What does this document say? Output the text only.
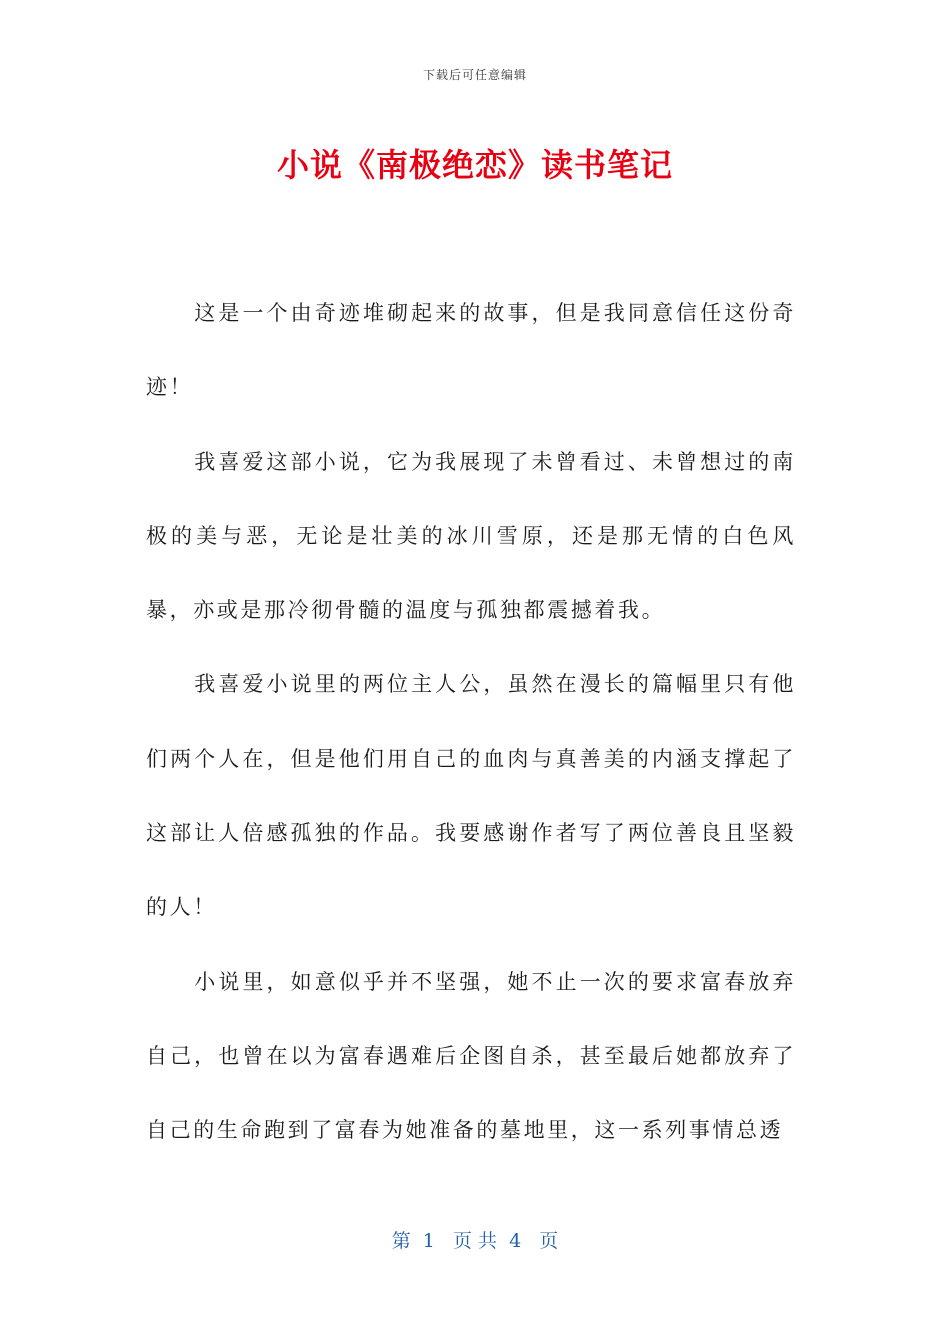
下载后可任意编辑
小说《南极绝恋》读书笔记

这是一个由奇迹堆砌起来的故事，但是我同意信任这份奇迹！

我喜爱这部小说，它为我展现了未曾看过、未曾想过的南极的美与恶，无论是壮美的冰川雪原，还是那无情的白色风暴，亦或是那冷彻骨髓的温度与孤独都震撼着我。

我喜爱小说里的两位主人公，虽然在漫长的篇幅里只有他们两个人在，但是他们用自己的血肉与真善美的内涵支撑起了这部让人倍感孤独的作品。我要感谢作者写了两位善良且坚毅的人！

小说里，如意似乎并不坚强，她不止一次的要求富春放弃自己，也曾在以为富春遇难后企图自杀，甚至最后她都放弃了自己的生命跑到了富春为她准备的墓地里，这一系列事情总透

第  1   页 共  4   页
